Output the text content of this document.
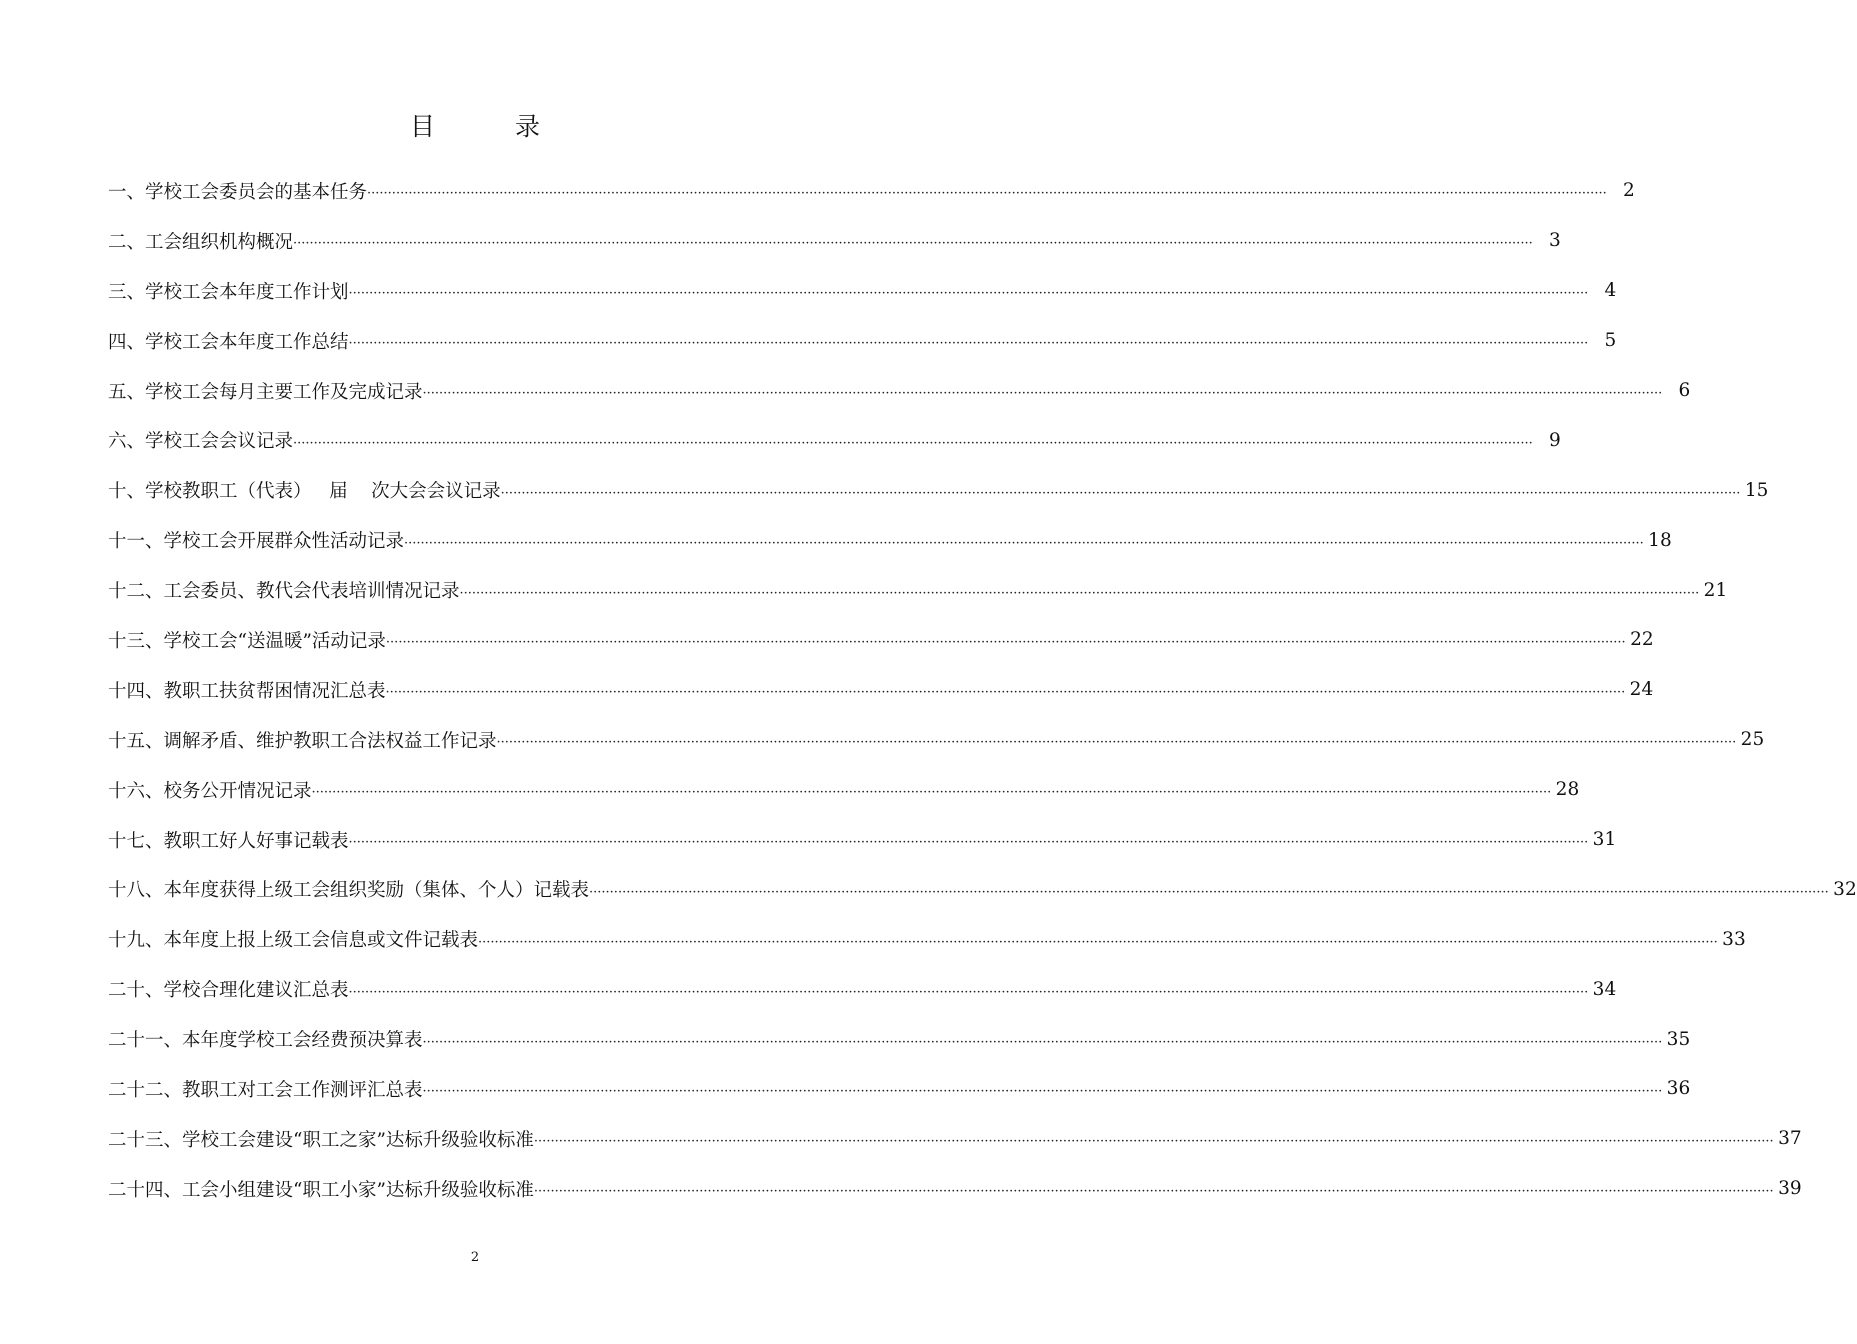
目 录
一、学校工会委员会的基本任务 ············································································································································································································································································································ 2
二、工会组织机构概况 ············································································································································································································································································································ 3
三、学校工会本年度工作计划 ············································································································································································································································································································ 4
四、学校工会本年度工作总结 ············································································································································································································································································································ 5
五、学校工会每月主要工作及完成记录 ············································································································································································································································································································ 6
六、学校工会会议记录 ············································································································································································································································································································ 9
十、学校教职工（代表）   届    次大会会议记录 ············································································································································································································································································································ 15
十一、学校工会开展群众性活动记录 ············································································································································································································································································································ 18
十二、工会委员、教代会代表培训情况记录 ············································································································································································································································································································ 21
十三、学校工会“送温暖”活动记录 ············································································································································································································································································································ 22
十四、教职工扶贫帮困情况汇总表 ············································································································································································································································································································ 24
十五、调解矛盾、维护教职工合法权益工作记录 ············································································································································································································································································································ 25
十六、校务公开情况记录 ············································································································································································································································································································ 28
十七、教职工好人好事记载表 ············································································································································································································································································································ 31
十八、本年度获得上级工会组织奖励（集体、个人）记载表 ············································································································································································································································································································ 32
十九、本年度上报上级工会信息或文件记载表 ············································································································································································································································································································ 33
二十、学校合理化建议汇总表 ············································································································································································································································································································ 34
二十一、本年度学校工会经费预决算表 ············································································································································································································································································································ 35
二十二、教职工对工会工作测评汇总表 ············································································································································································································································································································ 36
二十三、学校工会建设“职工之家”达标升级验收标准 ············································································································································································································································································································ 37
二十四、工会小组建设“职工小家”达标升级验收标准 ············································································································································································································································································································ 39
2
